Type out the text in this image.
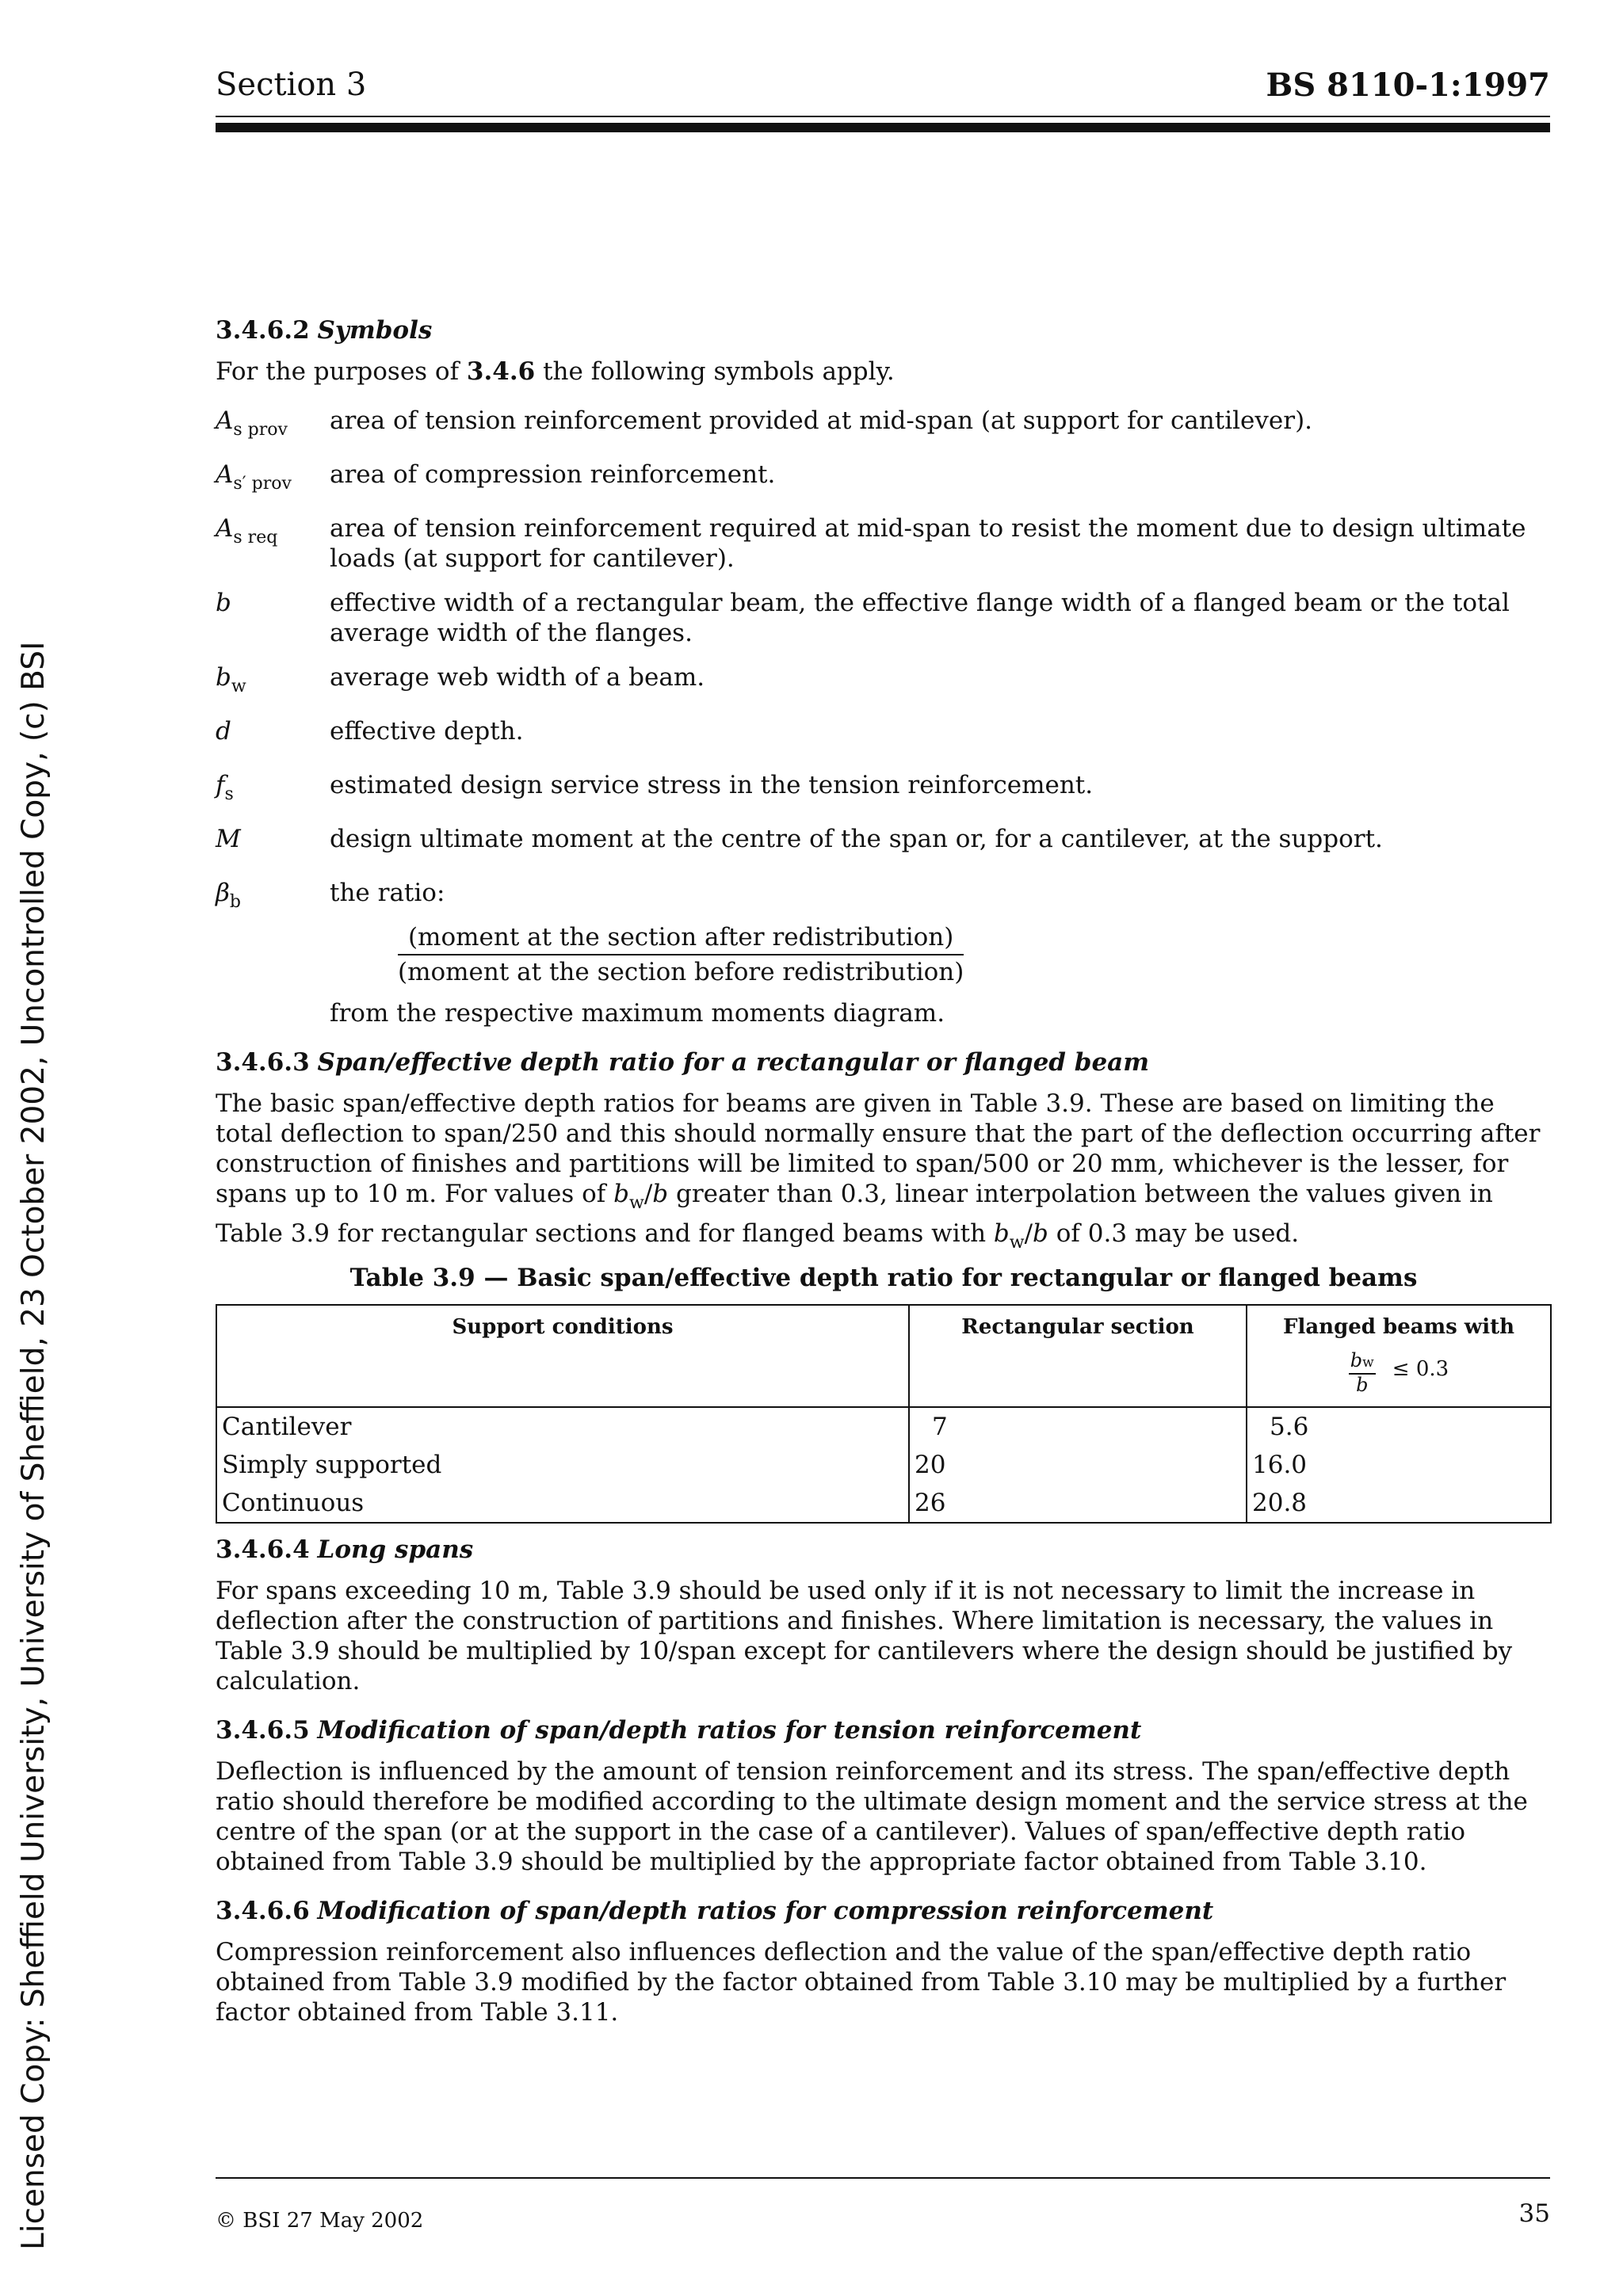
Section 3	BS 8110-1:1997
Licensed Copy: Sheffield University, University of Sheffield, 23 October 2002, Uncontrolled Copy, (c) BSI
3.4.6.2 Symbols

For the purposes of 3.4.6 the following symbols apply.

$A_{s prov}$	area of tension reinforcement provided at mid-span (at support for cantilever).
$A_{s' prov}$	area of compression reinforcement.
$A_{s req}$	area of tension reinforcement required at mid-span to resist the moment due to design ultimate loads (at support for cantilever).
b	effective width of a rectangular beam, the effective flange width of a flanged beam or the total average width of the flanges.
$b_w$	average web width of a beam.
d	effective depth.
$f_s$	estimated design service stress in the tension reinforcement.
M	design ultimate moment at the centre of the span or, for a cantilever, at the support.
$\beta_b$	the ratio:
$\frac{\text{(moment at the section after redistribution)}}{\text{(moment at the section before redistribution)}}$

from the respective maximum moments diagram.

3.4.6.3 Span/effective depth ratio for a rectangular or flanged beam

The basic span/effective depth ratios for beams are given in Table 3.9. These are based on limiting the total deflection to span/250 and this should normally ensure that the part of the deflection occurring after construction of finishes and partitions will be limited to span/500 or 20 mm, whichever is the lesser, for spans up to 10 m. For values of $b_w/b$ greater than 0.3, linear interpolation between the values given in Table 3.9 for rectangular sections and for flanged beams with $b_w/b$ of 0.3 may be used.

Table 3.9 — Basic span/effective depth ratio for rectangular or flanged beams
Support conditions	Rectangular section	Flanged beams with
$\frac{bw}{b} \le 0.3$
Cantilever	7	5.6
Simply supported	20	16.0
Continuous	26	20.8
3.4.6.4 Long spans

For spans exceeding 10 m, Table 3.9 should be used only if it is not necessary to limit the increase in deflection after the construction of partitions and finishes. Where limitation is necessary, the values in Table 3.9 should be multiplied by 10/span except for cantilevers where the design should be justified by calculation.

3.4.6.5 Modification of span/depth ratios for tension reinforcement

Deflection is influenced by the amount of tension reinforcement and its stress. The span/effective depth ratio should therefore be modified according to the ultimate design moment and the service stress at the centre of the span (or at the support in the case of a cantilever). Values of span/effective depth ratio obtained from Table 3.9 should be multiplied by the appropriate factor obtained from Table 3.10.

3.4.6.6 Modification of span/depth ratios for compression reinforcement

Compression reinforcement also influences deflection and the value of the span/effective depth ratio obtained from Table 3.9 modified by the factor obtained from Table 3.10 may be multiplied by a further factor obtained from Table 3.11.

© BSI 27 May 2002	35
